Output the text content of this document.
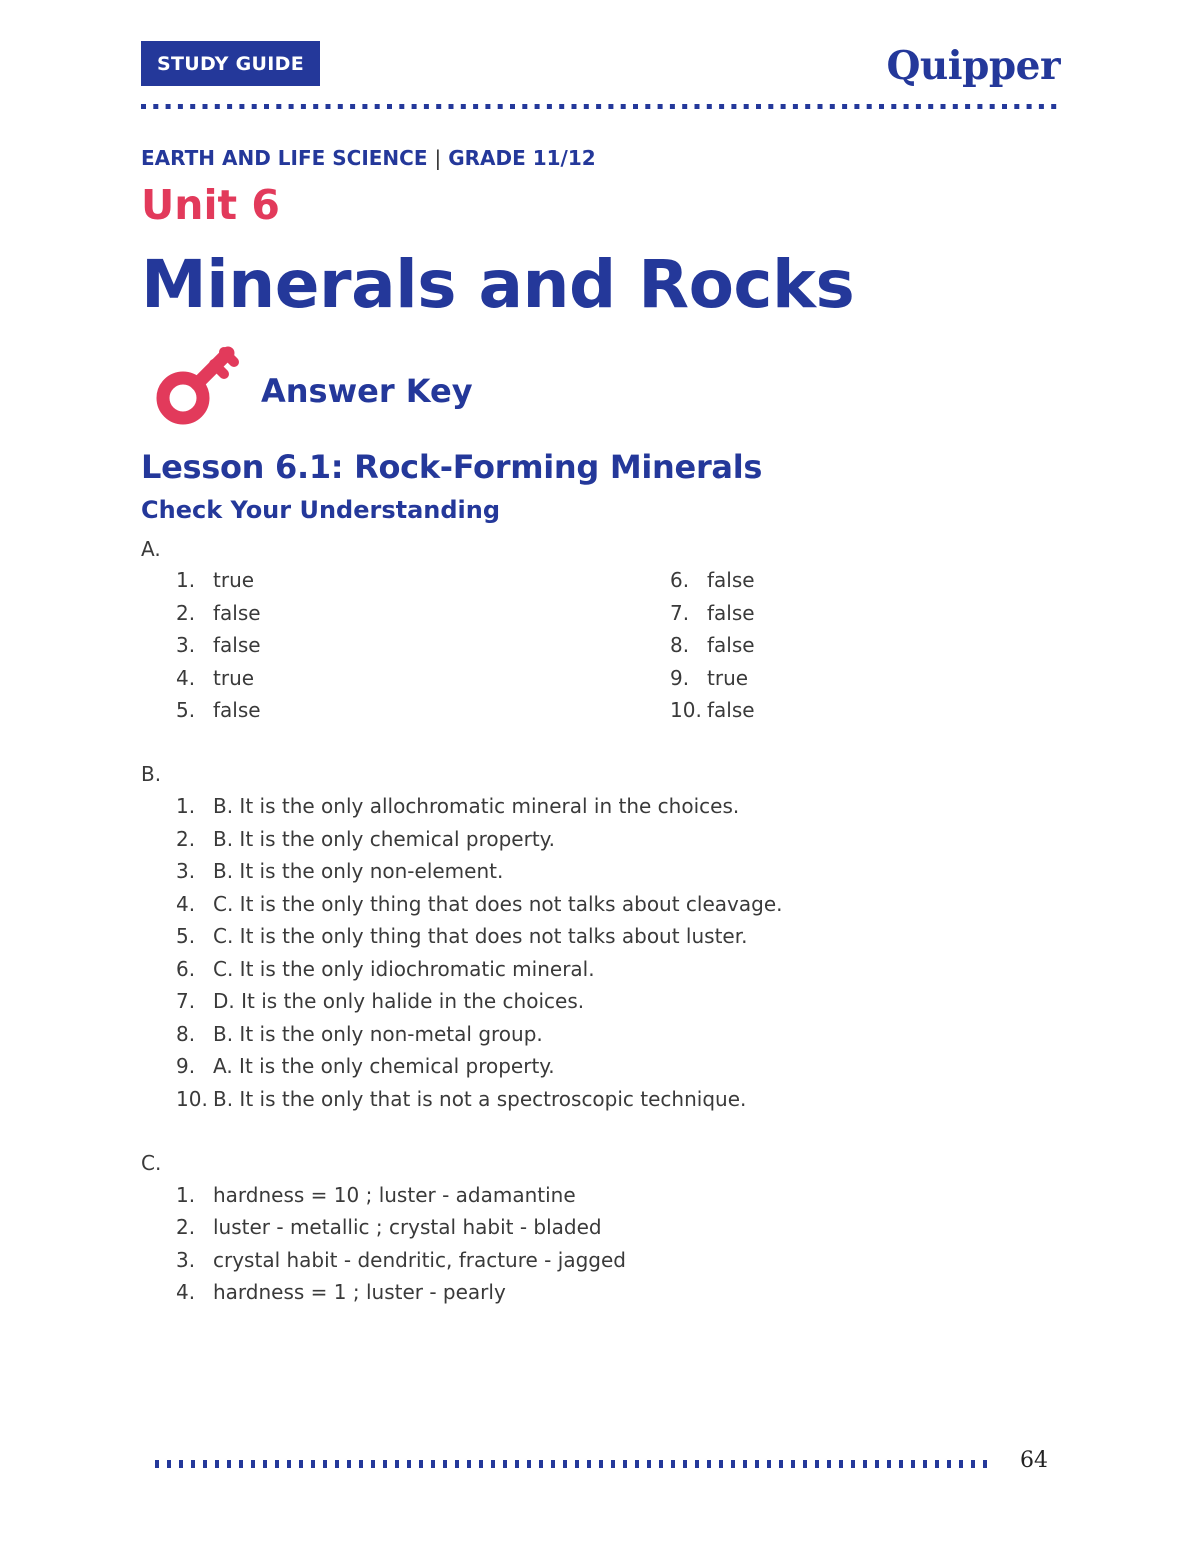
STUDY GUIDE	Quipper
EARTH AND LIFE SCIENCE | GRADE 11/12
Unit 6
Minerals and Rocks
Answer Key
Lesson 6.1: Rock-Forming Minerals
Check Your Understanding
A.
1. true
2. false
3. false
4. true
5. false
6. false
7. false
8. false
9. true
10. false
B.
1. B. It is the only allochromatic mineral in the choices.
2. B. It is the only chemical property.
3. B. It is the only non-element.
4. C. It is the only thing that does not talks about cleavage.
5. C. It is the only thing that does not talks about luster.
6. C. It is the only idiochromatic mineral.
7. D. It is the only halide in the choices.
8. B. It is the only non-metal group.
9. A. It is the only chemical property.
10. B. It is the only that is not a spectroscopic technique.
C.
1. hardness = 10 ; luster - adamantine
2. luster - metallic ; crystal habit - bladed
3. crystal habit - dendritic, fracture - jagged
4. hardness = 1 ; luster - pearly
64
